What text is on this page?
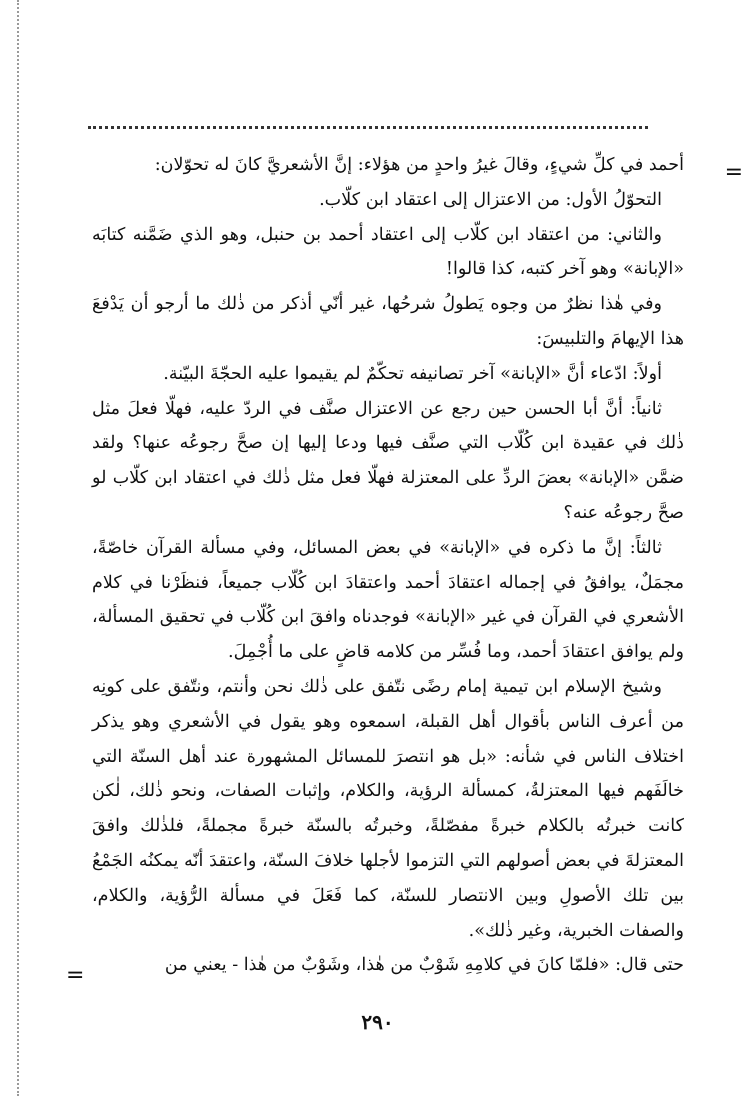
=

أحمد في كلِّ شيءٍ، وقالَ غيرُ واحدٍ من هؤلاء: إنَّ الأشعريَّ كانَ له تحوّلان:

التحوّلُ الأول: من الاعتزال إلى اعتقاد ابن كلّاب.

والثاني: من اعتقاد ابن كلّاب إلى اعتقاد أحمد بن حنبل، وهو الذي ضَمَّنه كتابَه «الإبانة» وهو آخر كتبه، كذا قالوا!

وفي هٰذا نظرٌ من وجوه يَطولُ شرحُها، غير أنّي أذكر من ذٰلك ما أرجو أن يَدْفعَ هذا الإيهامَ والتلبيسَ:

أولاً: ادّعاء أنَّ «الإبانة» آخر تصانيفه تحكّمٌ لم يقيموا عليه الحجّةَ البيّنة.

ثانياً: أنَّ أبا الحسن حين رجع عن الاعتزال صنَّف في الردّ عليه، فهلّا فعلَ مثل ذٰلك في عقيدة ابن كُلّاب التي صنَّف فيها ودعا إليها إن صحَّ رجوعُه عنها؟ ولقد ضمَّن «الإبانة» بعضَ الردِّ على المعتزلة فهلّا فعل مثل ذٰلك في اعتقاد ابن كلّاب لو صحَّ رجوعُه عنه؟

ثالثاً: إنَّ ما ذكره في «الإبانة» في بعض المسائل، وفي مسألة القرآن خاصّةً، مجمَلٌ، يوافقُ في إجماله اعتقادَ أحمد واعتقادَ ابن كُلّاب جميعاً، فنظَرْنا في كلام الأشعري في القرآن في غير «الإبانة» فوجدناه وافقَ ابن كُلّاب في تحقيق المسألة، ولم يوافق اعتقادَ أحمد، وما فُسِّر من كلامه قاضٍ على ما أُجْمِلَ.

وشيخ الإسلام ابن تيمية إمام رضًى نتّفق على ذٰلك نحن وأنتم، ونتّفق على كونِه من أعرف الناس بأقوال أهل القبلة، اسمعوه وهو يقول في الأشعري وهو يذكر اختلاف الناس في شأنه: «بل هو انتصرَ للمسائل المشهورة عند أهل السنّة التي خالَفَهم فيها المعتزلةُ، كمسألة الرؤية، والكلام، وإثبات الصفات، ونحو ذٰلك، لٰكن كانت خبرتُه بالكلام خبرةً مفصّلةً، وخبرتُه بالسنّة خبرةً مجملةً، فلذٰلك وافقَ المعتزلةَ في بعض أصولهم التي التزموا لأجلها خلافَ السنّة، واعتقدَ أنّه يمكنُه الجَمْعُ بين تلك الأصولِ وبين الانتصار للسنّة، كما فَعَلَ في مسألة الرُّؤية، والكلام، والصفات الخبرية، وغير ذٰلك».

حتى قال: «فلمّا كانَ في كلامِهِ شَوْبٌ من هٰذا، وشَوْبٌ من هٰذا - يعني من

=
٢٩٠
